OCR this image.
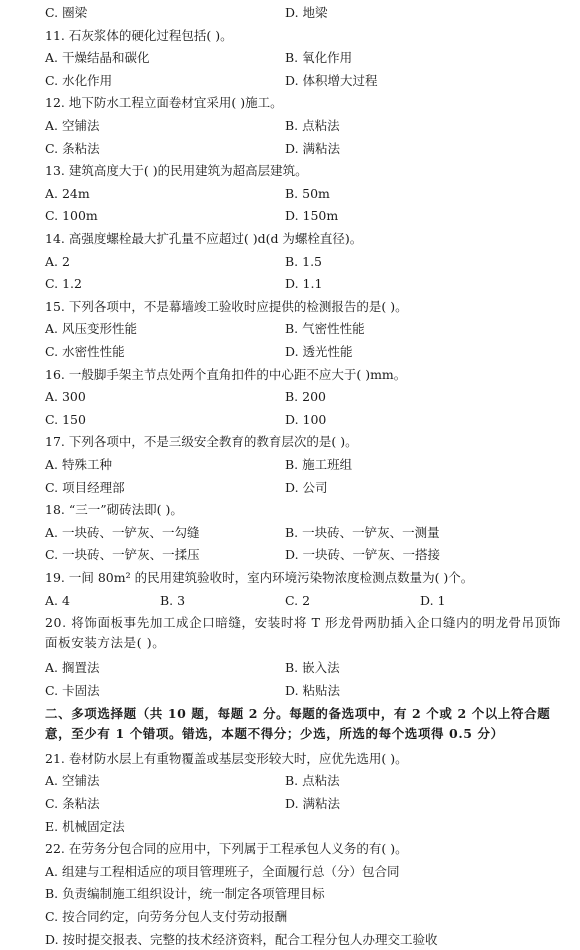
C. 圈梁	D. 地梁
11. 石灰浆体的硬化过程包括( )。
A. 干燥结晶和碳化	B. 氧化作用
C. 水化作用	D. 体积增大过程
12. 地下防水工程立面卷材宜采用( )施工。
A. 空铺法	B. 点粘法
C. 条粘法	D. 满粘法
13. 建筑高度大于( )的民用建筑为超高层建筑。
A. 24m	B. 50m
C. 100m	D. 150m
14. 高强度螺栓最大扩孔量不应超过( )d(d 为螺栓直径)。
A. 2	B. 1.5
C. 1.2	D. 1.1
15. 下列各项中，不是幕墙竣工验收时应提供的检测报告的是( )。
A. 风压变形性能	B. 气密性性能
C. 水密性性能	D. 透光性能
16. 一般脚手架主节点处两个直角扣件的中心距不应大于( )mm。
A. 300	B. 200
C. 150	D. 100
17. 下列各项中，不是三级安全教育的教育层次的是( )。
A. 特殊工种	B. 施工班组
C. 项目经理部	D. 公司
18. “三一”砌砖法即( )。
A. 一块砖、一铲灰、一勾缝	B. 一块砖、一铲灰、一测量
C. 一块砖、一铲灰、一揉压	D. 一块砖、一铲灰、一搭接
19. 一间 80m² 的民用建筑验收时，室内环境污染物浓度检测点数量为( )个。
A. 4	B. 3	C. 2	D. 1
20. 将饰面板事先加工成企口暗缝，安装时将 T 形龙骨两肋插入企口缝内的明龙骨吊顶饰面板安装方法是( )。
A. 搁置法	B. 嵌入法
C. 卡固法	D. 粘贴法
二、多项选择题（共 10 题，每题 2 分。每题的备选项中，有 2 个或 2 个以上符合题意，至少有 1 个错项。错选，本题不得分；少选，所选的每个选项得 0.5 分）
21. 卷材防水层上有重物覆盖或基层变形较大时，应优先选用( )。
A. 空铺法	B. 点粘法
C. 条粘法	D. 满粘法
E. 机械固定法
22. 在劳务分包合同的应用中，下列属于工程承包人义务的有( )。
A. 组建与工程相适应的项目管理班子，全面履行总（分）包合同
B. 负责编制施工组织设计，统一制定各项管理目标
C. 按合同约定，向劳务分包人支付劳动报酬
D. 按时提交报表、完整的技术经济资料，配合工程分包人办理交工验收
